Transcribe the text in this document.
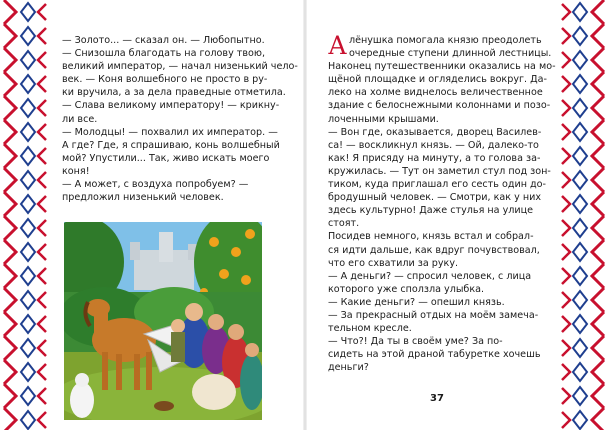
— Золото... — сказал он. — Любопытно.

— Снизошла благодать на голову твою,

великий император, — начал низенький чело-

век. — Коня волшебного не просто в ру-

ки вручила, а за дела праведные отметила.

— Слава великому императору! — крикну-

ли все.

— Молодцы! — похвалил их император. —

А где? Где, я спрашиваю, конь волшебный

мой? Упустили... Так, живо искать моего

коня!

— А может, с воздуха попробуем? —

предложил низенький человек.

А лёнушка помогала князю преодолеть

очередные ступени длинной лестницы.

Наконец путешественники оказались на мо-

щёной площадке и огляделись вокруг. Да-

леко на холме виднелось величественное

здание с белоснежными колоннами и позо-

лоченными крышами.

— Вон где, оказывается, дворец Василев-

са! — воскликнул князь. — Ой, далеко-то

как! Я присяду на минуту, а то голова за-

кружилась. — Тут он заметил стул под зон-

тиком, куда приглашал его сесть один до-

бродушный человек. — Смотри, как у них

здесь культурно! Даже стулья на улице

стоят.

Посидев немного, князь встал и собрал-

ся идти дальше, как вдруг почувствовал,

что его схватили за руку.

— А деньги? — спросил человек, с лица

которого уже сползла улыбка.

— Какие деньги? — опешил князь.

— За прекрасный отдых на моём замеча-

тельном кресле.

— Что?! Да ты в своём уме? За по-

сидеть на этой драной табуретке хочешь

деньги?

37
